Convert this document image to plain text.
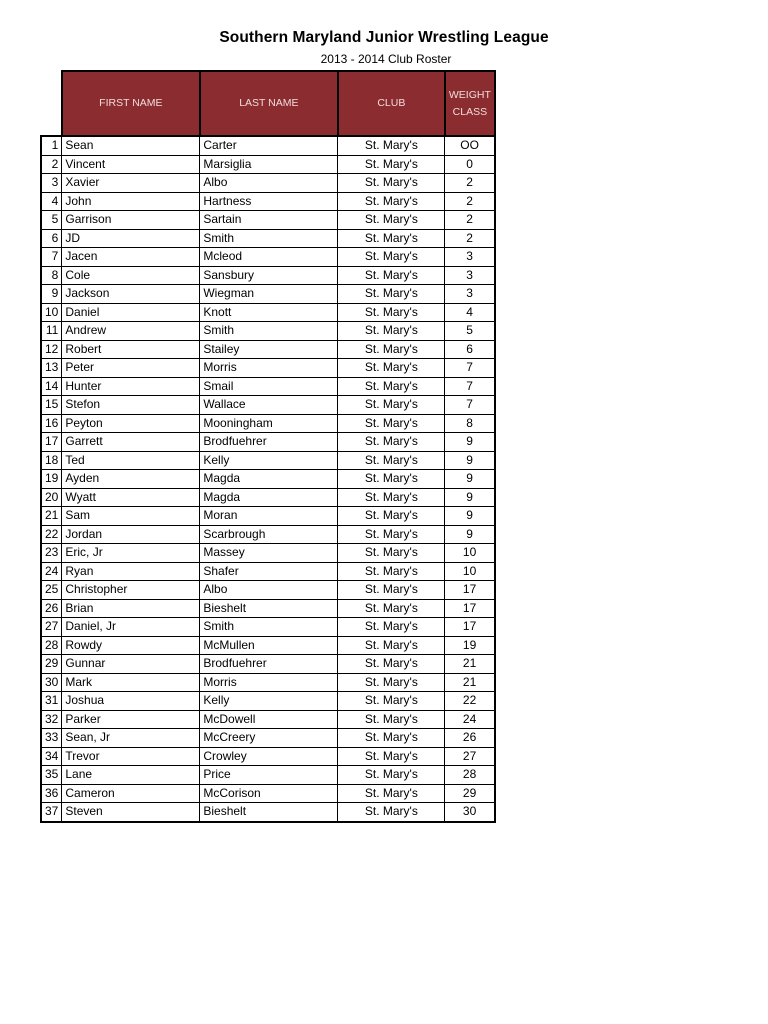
Southern Maryland Junior Wrestling League
2013 - 2014 Club Roster
	FIRST NAME	LAST NAME	CLUB	WEIGHT
CLASS
1	Sean	Carter	St. Mary's	OO
2	Vincent	Marsiglia	St. Mary's	0
3	Xavier	Albo	St. Mary's	2
4	John	Hartness	St. Mary's	2
5	Garrison	Sartain	St. Mary's	2
6	JD	Smith	St. Mary's	2
7	Jacen	Mcleod	St. Mary's	3
8	Cole	Sansbury	St. Mary's	3
9	Jackson	Wiegman	St. Mary's	3
10	Daniel	Knott	St. Mary's	4
11	Andrew	Smith	St. Mary's	5
12	Robert	Stailey	St. Mary's	6
13	Peter	Morris	St. Mary's	7
14	Hunter	Smail	St. Mary's	7
15	Stefon	Wallace	St. Mary's	7
16	Peyton	Mooningham	St. Mary's	8
17	Garrett	Brodfuehrer	St. Mary's	9
18	Ted	Kelly	St. Mary's	9
19	Ayden	Magda	St. Mary's	9
20	Wyatt	Magda	St. Mary's	9
21	Sam	Moran	St. Mary's	9
22	Jordan	Scarbrough	St. Mary's	9
23	Eric, Jr	Massey	St. Mary's	10
24	Ryan	Shafer	St. Mary's	10
25	Christopher	Albo	St. Mary's	17
26	Brian	Bieshelt	St. Mary's	17
27	Daniel, Jr	Smith	St. Mary's	17
28	Rowdy	McMullen	St. Mary's	19
29	Gunnar	Brodfuehrer	St. Mary's	21
30	Mark	Morris	St. Mary's	21
31	Joshua	Kelly	St. Mary's	22
32	Parker	McDowell	St. Mary's	24
33	Sean, Jr	McCreery	St. Mary's	26
34	Trevor	Crowley	St. Mary's	27
35	Lane	Price	St. Mary's	28
36	Cameron	McCorison	St. Mary's	29
37	Steven	Bieshelt	St. Mary's	30
